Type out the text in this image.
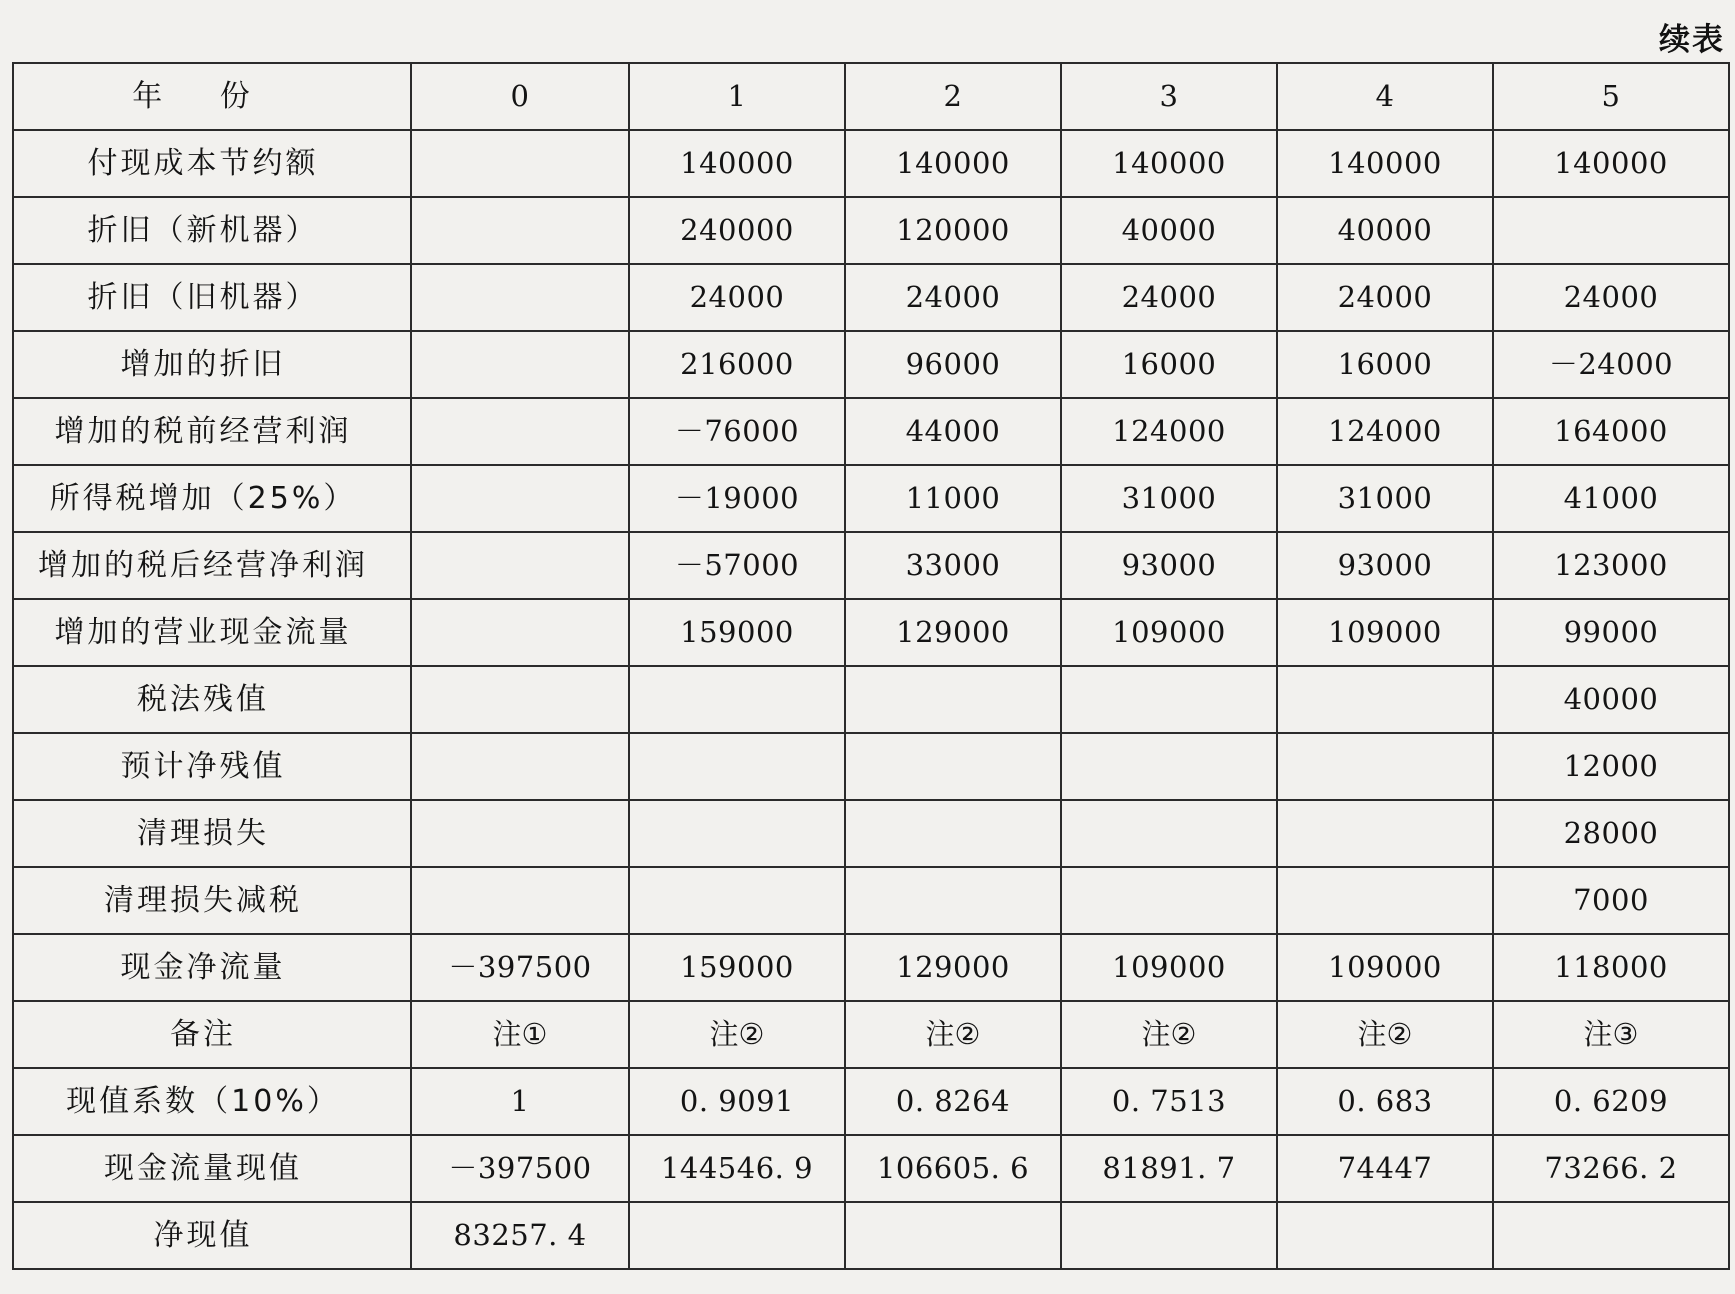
续表
年 份	0	1	2	3	4	5
付现成本节约额		140000	140000	140000	140000	140000
折旧（新机器）		240000	120000	40000	40000	
折旧（旧机器）		24000	24000	24000	24000	24000
增加的折旧		216000	96000	16000	16000	－24000
增加的税前经营利润		－76000	44000	124000	124000	164000
所得税增加（25%）		－19000	11000	31000	31000	41000
增加的税后经营净利润		－57000	33000	93000	93000	123000
增加的营业现金流量		159000	129000	109000	109000	99000
税法残值						40000
预计净残值						12000
清理损失						28000
清理损失减税						7000
现金净流量	－397500	159000	129000	109000	109000	118000
备注	注①	注②	注②	注②	注②	注③
现值系数（10%）	1	0. 9091	0. 8264	0. 7513	0. 683	0. 6209
现金流量现值	－397500	144546. 9	106605. 6	81891. 7	74447	73266. 2
净现值	83257. 4					
